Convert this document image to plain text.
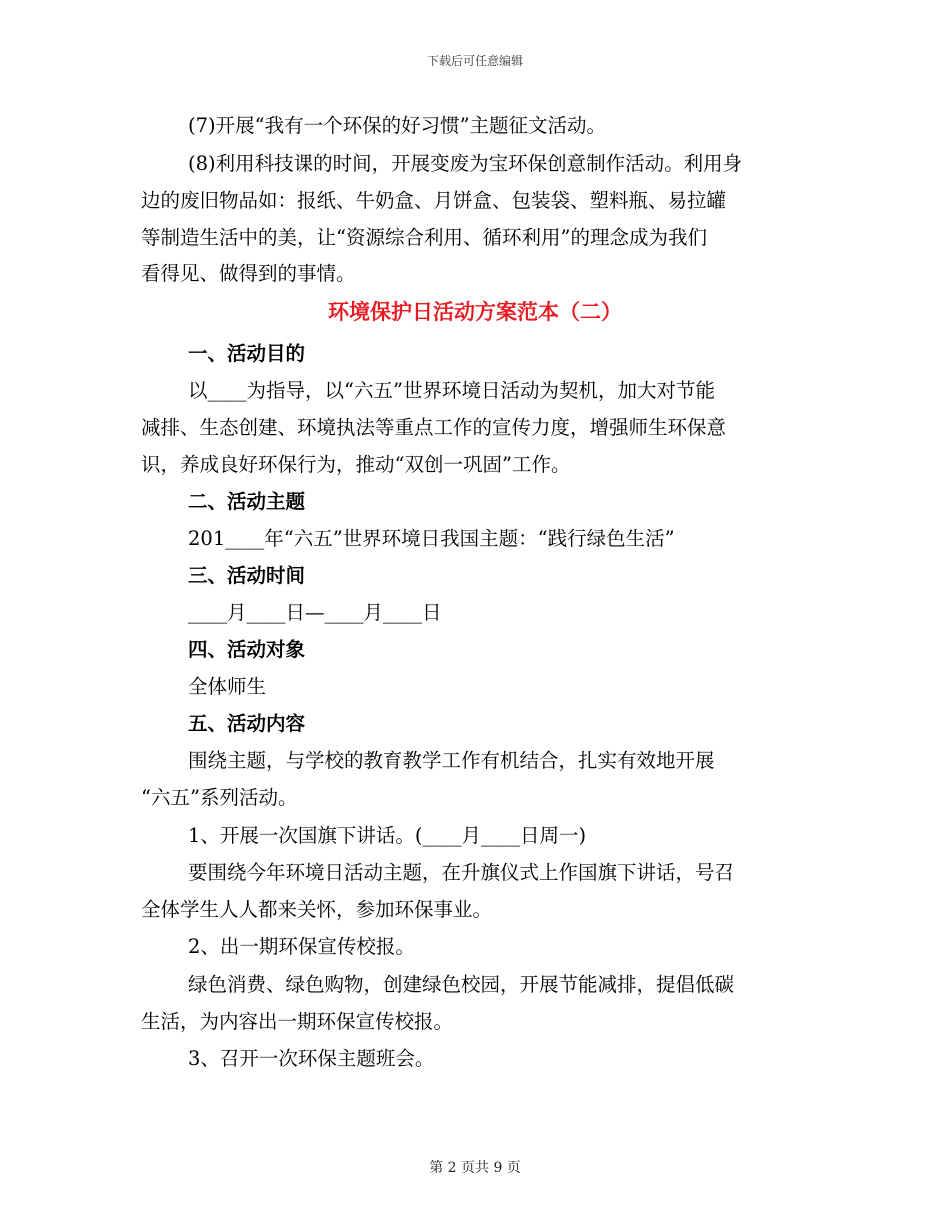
下载后可任意编辑
(7)开展“我有一个环保的好习惯”主题征文活动。
(8)利用科技课的时间，开展变废为宝环保创意制作活动。利用身
边的废旧物品如：报纸、牛奶盒、月饼盒、包装袋、塑料瓶、易拉罐
等制造生活中的美，让“资源综合利用、循环利用”的理念成为我们
看得见、做得到的事情。
环境保护日活动方案范本（二）
一、活动目的
以____为指导，以“六五”世界环境日活动为契机，加大对节能
减排、生态创建、环境执法等重点工作的宣传力度，增强师生环保意
识，养成良好环保行为，推动“双创一巩固”工作。
二、活动主题
201____年“六五”世界环境日我国主题：“践行绿色生活”
三、活动时间
____月____日—____月____日
四、活动对象
全体师生
五、活动内容
围绕主题，与学校的教育教学工作有机结合，扎实有效地开展
“六五”系列活动。
1、开展一次国旗下讲话。(____月____日周一)
要围绕今年环境日活动主题，在升旗仪式上作国旗下讲话，号召
全体学生人人都来关怀，参加环保事业。
2、出一期环保宣传校报。
绿色消费、绿色购物，创建绿色校园，开展节能减排，提倡低碳
生活，为内容出一期环保宣传校报。
3、召开一次环保主题班会。
第 2 页共 9 页
